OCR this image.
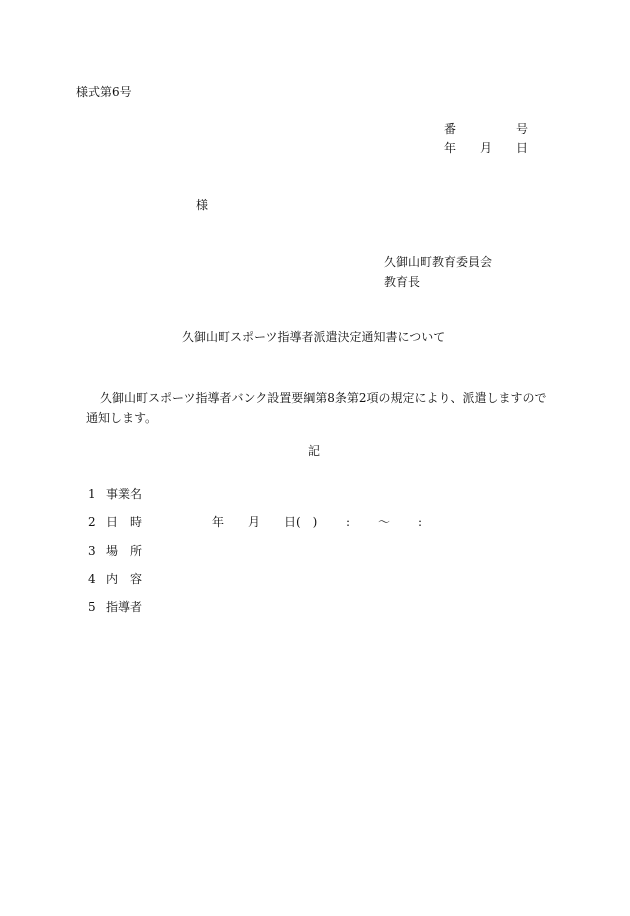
様式第6号
番	号
年 月 日
様
久御山町教育委員会
教育長
久御山町スポーツ指導者派遣決定通知書について
久御山町スポーツ指導者バンク設置要綱第8条第2項の規定により、派遣しますので通知します。
記
1 事業名
2 日　時
3 場　所
4 内　容
5 指導者
年 月 日(　) : 〜 :
